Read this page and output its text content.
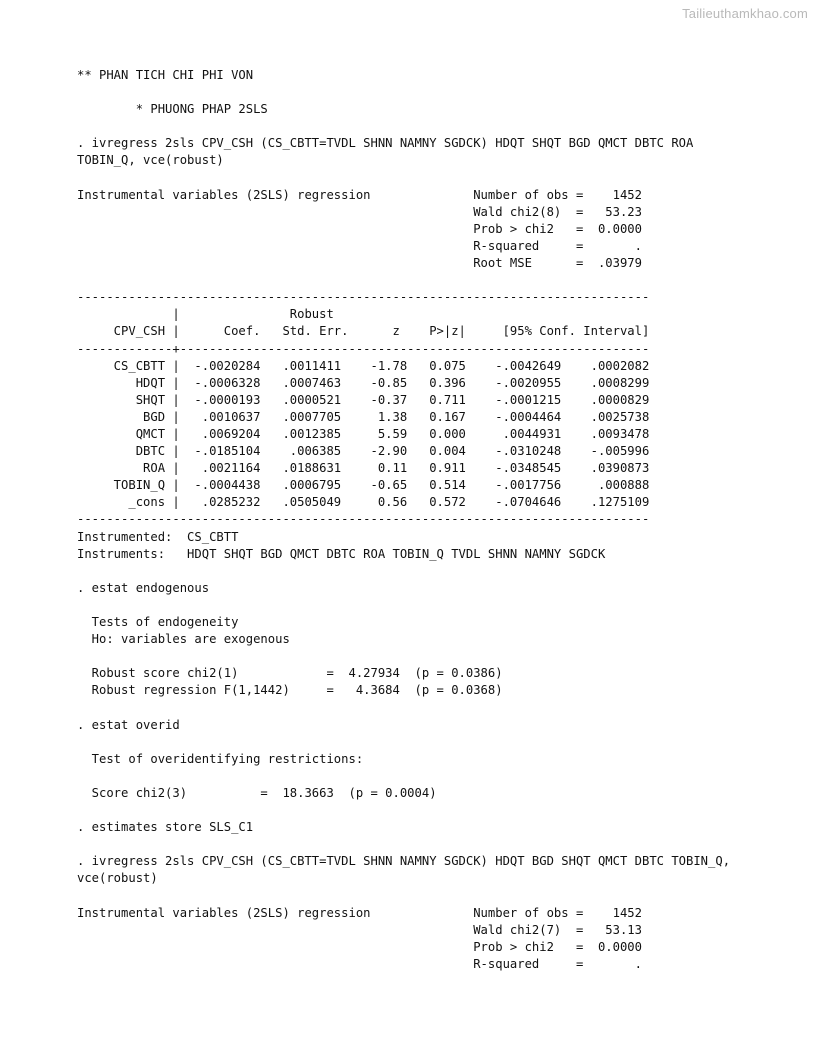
Tailieuthamkhao.com
** PHAN TICH CHI PHI VON
* PHUONG PHAP 2SLS
. ivregress 2sls CPV_CSH (CS_CBTT=TVDL SHNN NAMNY SGDCK) HDQT SHQT BGD QMCT DBTC ROA
TOBIN_Q, vce(robust)
Instrumental variables (2SLS) regression              Number of obs =    1452
Wald chi2(8)  =   53.23
Prob > chi2   =  0.0000
R-squared     =       .
Root MSE      =  .03979
------------------------------------------------------------------------------
|               Robust
CPV_CSH |      Coef.   Std. Err.      z    P>|z|     [95% Conf. Interval]
-------------+----------------------------------------------------------------
CS_CBTT |  -.0020284   .0011411    -1.78   0.075    -.0042649    .0002082
HDQT |  -.0006328   .0007463    -0.85   0.396    -.0020955    .0008299
SHQT |  -.0000193   .0000521    -0.37   0.711    -.0001215    .0000829
BGD |   .0010637   .0007705     1.38   0.167    -.0004464    .0025738
QMCT |   .0069204   .0012385     5.59   0.000     .0044931    .0093478
DBTC |  -.0185104    .006385    -2.90   0.004    -.0310248    -.005996
ROA |   .0021164   .0188631     0.11   0.911    -.0348545    .0390873
TOBIN_Q |  -.0004438   .0006795    -0.65   0.514    -.0017756     .000888
_cons |   .0285232   .0505049     0.56   0.572    -.0704646    .1275109
------------------------------------------------------------------------------
Instrumented:  CS_CBTT
Instruments:   HDQT SHQT BGD QMCT DBTC ROA TOBIN_Q TVDL SHNN NAMNY SGDCK
. estat endogenous
Tests of endogeneity
Ho: variables are exogenous
Robust score chi2(1)            =  4.27934  (p = 0.0386)
Robust regression F(1,1442)     =   4.3684  (p = 0.0368)
. estat overid
Test of overidentifying restrictions:
Score chi2(3)          =  18.3663  (p = 0.0004)
. estimates store SLS_C1
. ivregress 2sls CPV_CSH (CS_CBTT=TVDL SHNN NAMNY SGDCK) HDQT BGD SHQT QMCT DBTC TOBIN_Q,
vce(robust)
Instrumental variables (2SLS) regression              Number of obs =    1452
Wald chi2(7)  =   53.13
Prob > chi2   =  0.0000
R-squared     =       .
